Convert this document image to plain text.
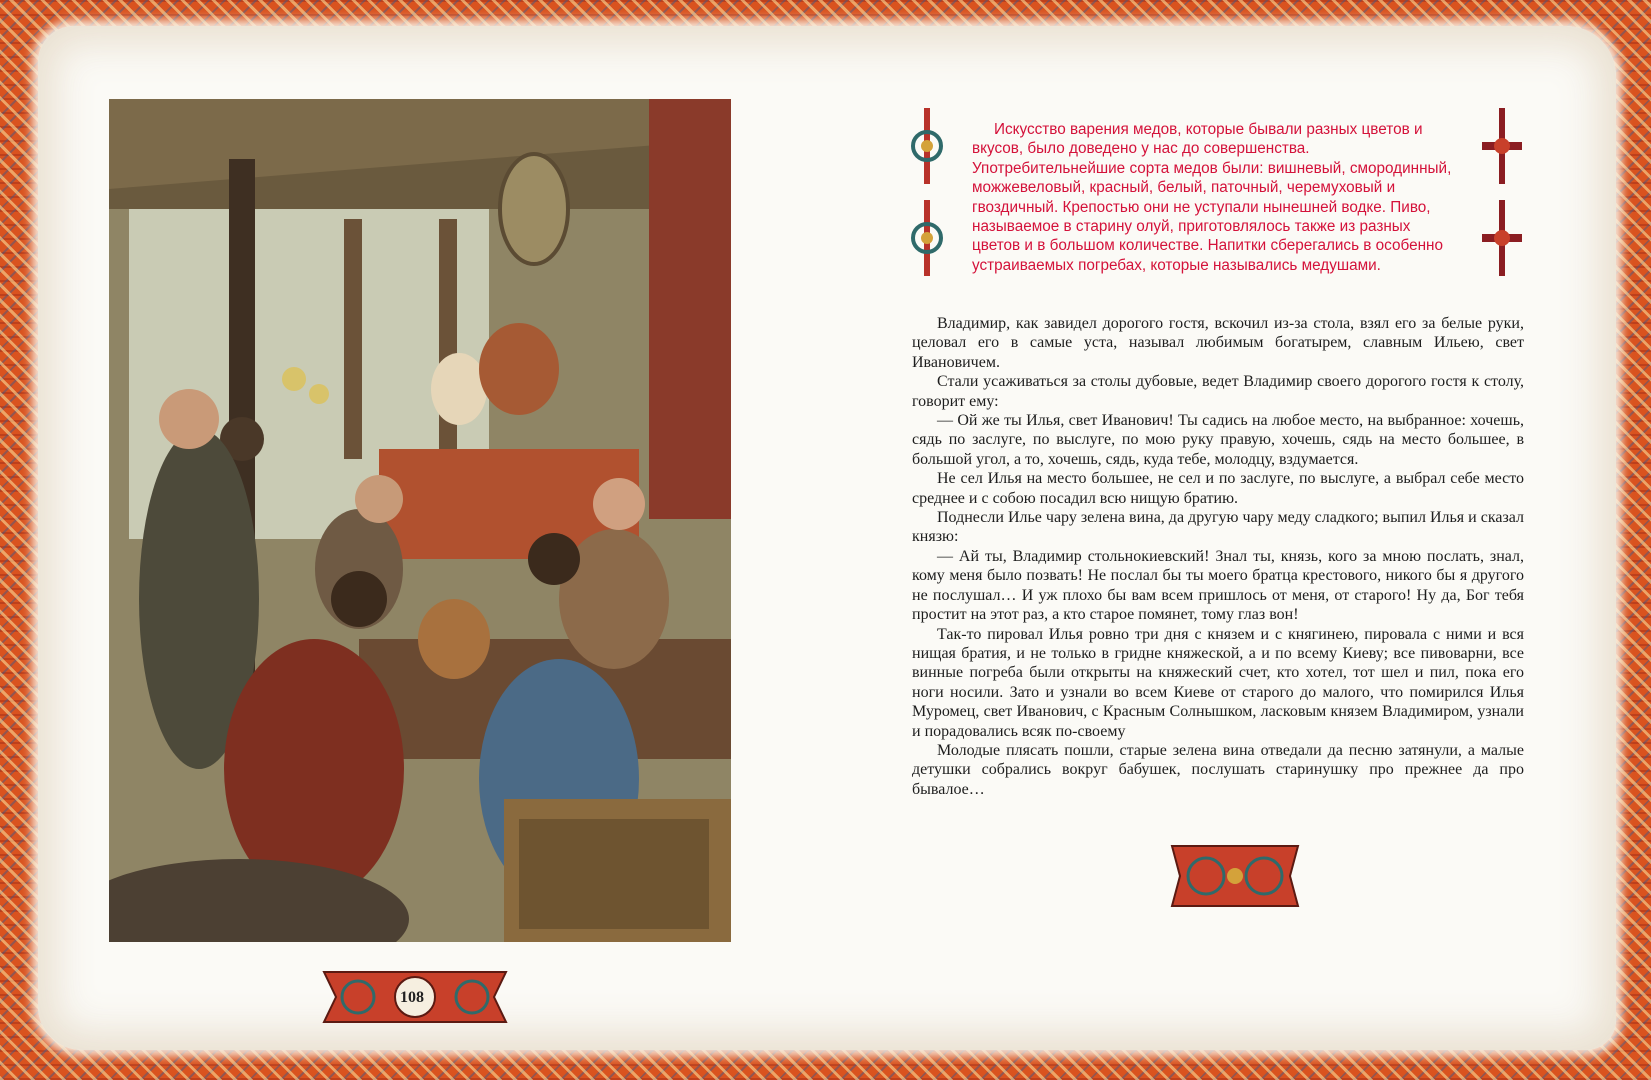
108

Искусство варения медов, которые бывали разных цветов и вкусов, было доведено у нас до совершенства. Употребительнейшие сорта медов были: вишневый, смородинный, можжевеловый, красный, белый, паточный, черемуховый и гвоздичный. Крепостью они не уступали нынешней водке. Пиво, называемое в старину олуй, приготовлялось также из разных цветов и в большом количестве. Напитки сберегались в особенно устраиваемых погребах, которые назывались медушами.

Владимир, как завидел дорогого гостя, вскочил из-за стола, взял его за белые руки, целовал его в самые уста, называл любимым богатырем, славным Ильею, свет Ивановичем.

Стали усаживаться за столы дубовые, ведет Владимир своего дорогого гостя к столу, говорит ему:

— Ой же ты Илья, свет Иванович! Ты садись на любое место, на выбранное: хочешь, сядь по заслуге, по выслуге, по мою руку правую, хочешь, сядь на место большее, в большой угол, а то, хочешь, сядь, куда тебе, молодцу, вздумается.

Не сел Илья на место большее, не сел и по заслуге, по выслуге, а выбрал себе место среднее и с собою посадил всю нищую братию.

Поднесли Илье чару зелена вина, да другую чару меду сладкого; выпил Илья и сказал князю:

— Ай ты, Владимир стольнокиевский! Знал ты, князь, кого за мною послать, знал, кому меня было позвать! Не послал бы ты моего братца крестового, никого бы я другого не послушал… И уж плохо бы вам всем пришлось от меня, от старого! Ну да, Бог тебя простит на этот раз, а кто старое помянет, тому глаз вон!

Так-то пировал Илья ровно три дня с князем и с княгинею, пировала с ними и вся нищая братия, и не только в гридне княжеской, а и по всему Киеву; все пивоварни, все винные погреба были открыты на княжеский счет, кто хотел, тот шел и пил, пока его ноги носили. Зато и узнали во всем Киеве от старого до малого, что помирился Илья Муромец, свет Иванович, с Красным Солнышком, ласковым князем Владимиром, узнали и порадовались всяк по-своему

Молодые плясать пошли, старые зелена вина отведали да песню затянули, а малые детушки собрались вокруг бабушек, послушать старинушку про прежнее да про бывалое…
